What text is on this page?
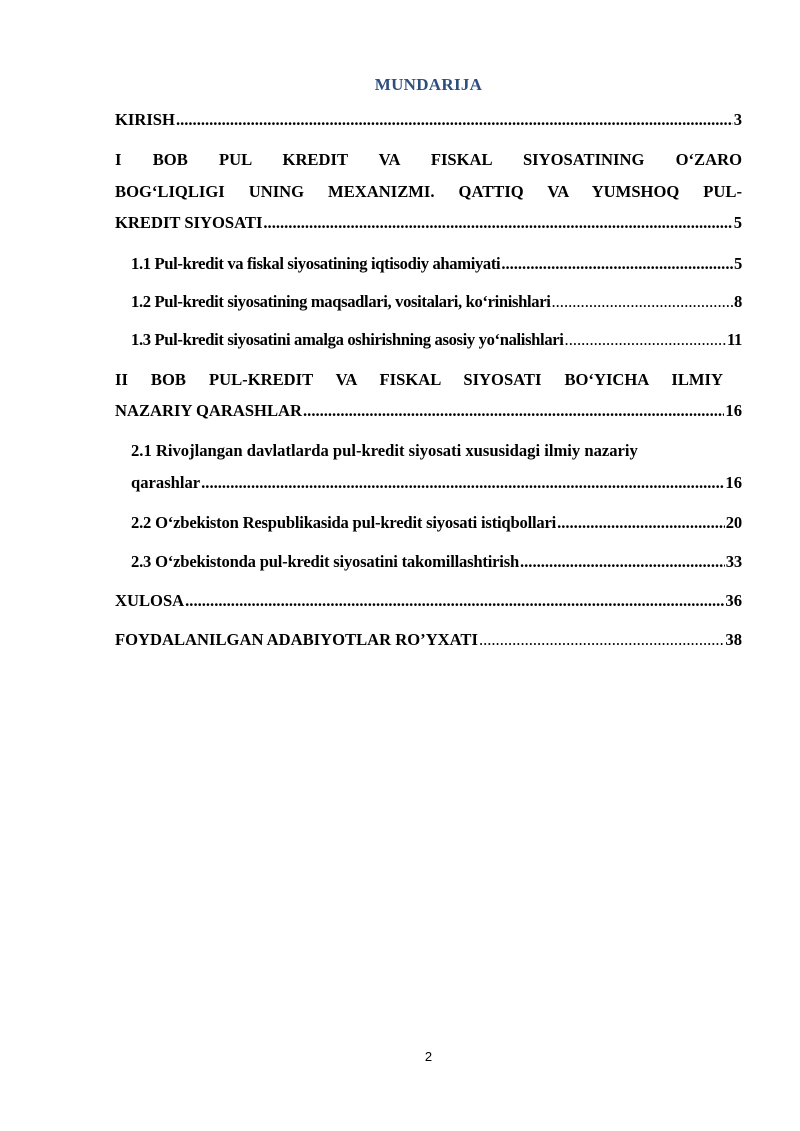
MUNDARIJA
KIRISH .....	3
I BOB PUL KREDIT VA FISKAL SIYOSATINING O‘ZARO
BOG‘LIQLIGI UNING MEXANIZMI. QATTIQ VA YUMSHOQ PUL-
KREDIT SIYOSATI .....	5
1.1 Pul-kredit va fiskal siyosatining iqtisodiy ahamiyati .....	5
1.2 Pul-kredit siyosatining maqsadlari, vositalari, ko‘rinishlari .....	8
1.3 Pul-kredit siyosatini amalga oshirishning asosiy yo‘nalishlari .....	11
II BOB PUL-KREDIT VA FISKAL SIYOSATI BO‘YICHA ILMIY
NAZARIY QARASHLAR .....	16
2.1 Rivojlangan davlatlarda pul-kredit siyosati xususidagi ilmiy nazariy
qarashlar .....	16
2.2 O‘zbekiston Respublikasida pul-kredit siyosati istiqbollari .....	20
2.3 O‘zbekistonda pul-kredit siyosatini takomillashtirish .....	33
XULOSA .....	36
FOYDALANILGAN ADABIYOTLAR RO’YXATI .....	38
2
